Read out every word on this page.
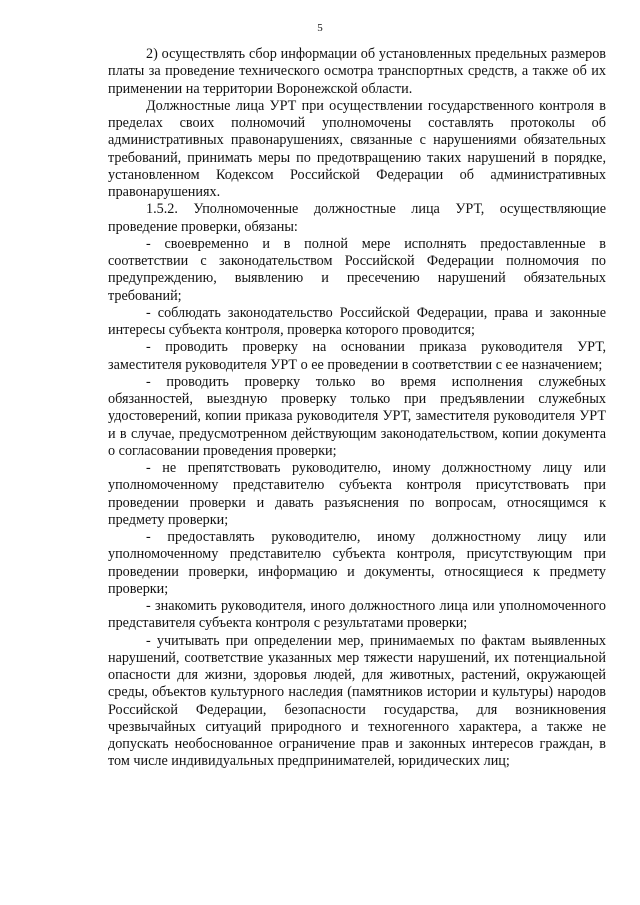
5

2) осуществлять сбор информации об установленных предельных размеров платы за проведение технического осмотра транспортных средств, а также об их применении на территории Воронежской области.

Должностные лица УРТ при осуществлении государственного контроля в пределах своих полномочий уполномочены составлять протоколы об административных правонарушениях, связанные с нарушениями обязательных требований, принимать меры по предотвращению таких нарушений в порядке, установленном Кодексом Российской Федерации об административных правонарушениях.

1.5.2. Уполномоченные должностные лица УРТ, осуществляющие проведение проверки, обязаны:

- своевременно и в полной мере исполнять предоставленные в соответствии с законодательством Российской Федерации полномочия по предупреждению, выявлению и пресечению нарушений обязательных требований;

- соблюдать законодательство Российской Федерации, права и законные интересы субъекта контроля, проверка которого проводится;

- проводить проверку на основании приказа руководителя УРТ, заместителя руководителя УРТ о ее проведении в соответствии с ее назначением;

- проводить проверку только во время исполнения служебных обязанностей, выездную проверку только при предъявлении служебных удостоверений, копии приказа руководителя УРТ, заместителя руководителя УРТ и в случае, предусмотренном действующим законодательством, копии документа о согласовании проведения проверки;

- не препятствовать руководителю, иному должностному лицу или уполномоченному представителю субъекта контроля присутствовать при проведении проверки и давать разъяснения по вопросам, относящимся к предмету проверки;

- предоставлять руководителю, иному должностному лицу или уполномоченному представителю субъекта контроля, присутствующим при проведении проверки, информацию и документы, относящиеся к предмету проверки;

- знакомить руководителя, иного должностного лица или уполномоченного представителя субъекта контроля с результатами проверки;

- учитывать при определении мер, принимаемых по фактам выявленных нарушений, соответствие указанных мер тяжести нарушений, их потенциальной опасности для жизни, здоровья людей, для животных, растений, окружающей среды, объектов культурного наследия (памятников истории и культуры) народов Российской Федерации, безопасности государства, для возникновения чрезвычайных ситуаций природного и техногенного характера, а также не допускать необоснованное ограничение прав и законных интересов граждан, в том числе индивидуальных предпринимателей, юридических лиц;
